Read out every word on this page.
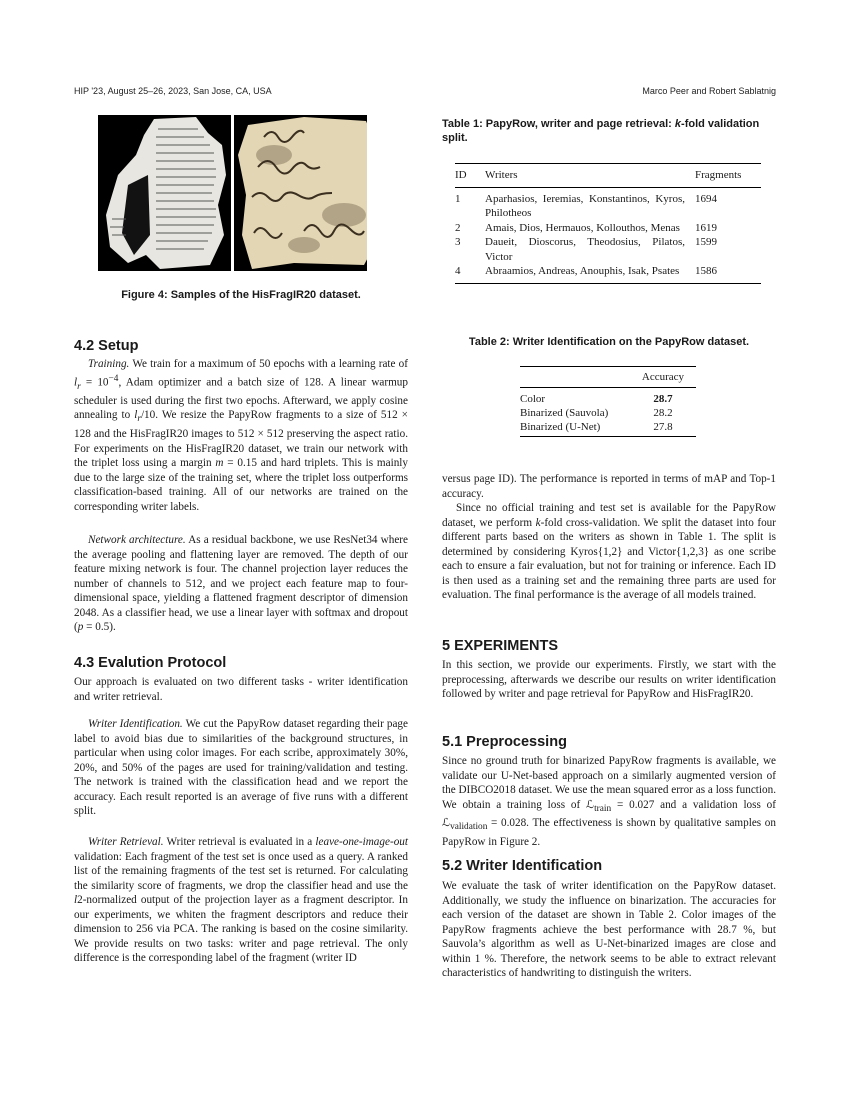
HIP '23, August 25–26, 2023, San Jose, CA, USA	Marco Peer and Robert Sablatnig
Figure 4: Samples of the HisFragIR20 dataset.
4.2 Setup

Training. We train for a maximum of 50 epochs with a learning rate of $l_r = 10^{-4}$, Adam optimizer and a batch size of 128. A linear warmup scheduler is used during the first two epochs. Afterward, we apply cosine annealing to $l_r/10$. We resize the PapyRow fragments to a size of 512 × 128 and the HisFragIR20 images to 512 × 512 preserving the aspect ratio. For experiments on the HisFragIR20 dataset, we train our network with the triplet loss using a margin m = 0.15 and hard triplets. This is mainly due to the large size of the training set, where the triplet loss outperforms classification-based training. All of our networks are trained on the corresponding writer labels.

Network architecture. As a residual backbone, we use ResNet34 where the average pooling and flattening layer are removed. The depth of our feature mixing network is four. The channel projection layer reduces the number of channels to 512, and we project each feature map to four-dimensional space, yielding a flattened fragment descriptor of dimension 2048. As a classifier head, we use a linear layer with softmax and dropout (p = 0.5).

4.3 Evalution Protocol

Our approach is evaluated on two different tasks - writer identification and writer retrieval.

Writer Identification. We cut the PapyRow dataset regarding their page label to avoid bias due to similarities of the background structures, in particular when using color images. For each scribe, approximately 30%, 20%, and 50% of the pages are used for training/validation and testing. The network is trained with the classification head and we report the accuracy. Each result reported is an average of five runs with a different split.

Writer Retrieval. Writer retrieval is evaluated in a leave-one-image-out validation: Each fragment of the test set is once used as a query. A ranked list of the remaining fragments of the test set is returned. For calculating the similarity score of fragments, we drop the classifier head and use the l2-normalized output of the projection layer as a fragment descriptor. In our experiments, we whiten the fragment descriptors and reduce their dimension to 256 via PCA. The ranking is based on the cosine similarity. We provide results on two tasks: writer and page retrieval. The only difference is the corresponding label of the fragment (writer ID

Table 1: PapyRow, writer and page retrieval: k-fold validation split.
ID	Writers	Fragments
1	Aparhasios, Ieremias, Konstantinos, Kyros, Philotheos	1694
2	Amais, Dios, Hermauos, Kollouthos, Menas	1619
3	Daueit, Dioscorus, Theodosius, Pilatos, Victor	1599
4	Abraamios, Andreas, Anouphis, Isak, Psates	1586
Table 2: Writer Identification on the PapyRow dataset.
	Accuracy
Color	28.7
Binarized (Sauvola)	28.2
Binarized (U-Net)	27.8

versus page ID). The performance is reported in terms of mAP and Top-1 accuracy.

Since no official training and test set is available for the PapyRow dataset, we perform k-fold cross-validation. We split the dataset into four different parts based on the writers as shown in Table 1. The split is determined by considering Kyros{1,2} and Victor{1,2,3} as one scribe each to ensure a fair evaluation, but not for training or inference. Each ID is then used as a training set and the remaining three parts are used for evaluation. The final performance is the average of all models trained.

5 EXPERIMENTS

In this section, we provide our experiments. Firstly, we start with the preprocessing, afterwards we describe our results on writer identification followed by writer and page retrieval for PapyRow and HisFragIR20.

5.1 Preprocessing

Since no ground truth for binarized PapyRow fragments is available, we validate our U-Net-based approach on a similarly augmented version of the DIBCO2018 dataset. We use the mean squared error as a loss function. We obtain a training loss of ℒ$_{train}$ = 0.027 and a validation loss of ℒ$_{validation}$ = 0.028. The effectiveness is shown by qualitative samples on PapyRow in Figure 2.

5.2 Writer Identification

We evaluate the task of writer identification on the PapyRow dataset. Additionally, we study the influence on binarization. The accuracies for each version of the dataset are shown in Table 2. Color images of the PapyRow fragments achieve the best performance with 28.7 %, but Sauvola’s algorithm as well as U-Net-binarized images are close and within 1 %. Therefore, the network seems to be able to extract relevant characteristics of handwriting to distinguish the writers.
